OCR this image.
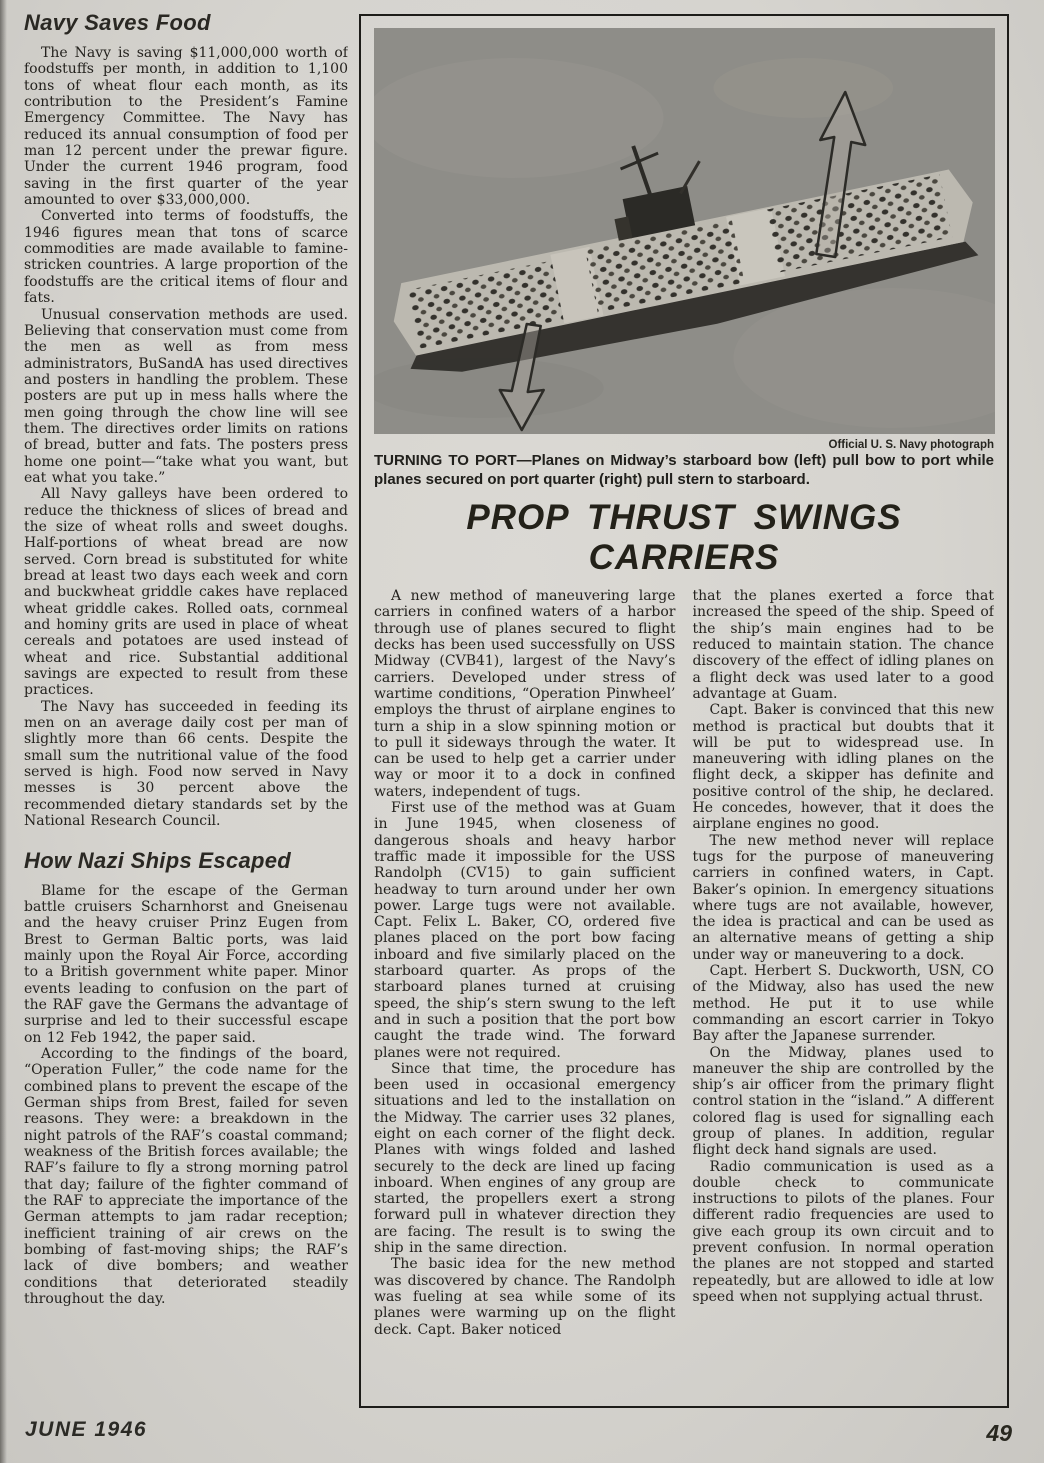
Navy Saves Food

The Navy is saving $11,000,000 worth of foodstuffs per month, in addition to 1,100 tons of wheat flour each month, as its contribution to the President’s Famine Emergency Committee. The Navy has reduced its annual consumption of food per man 12 percent under the prewar figure. Under the current 1946 program, food saving in the first quarter of the year amounted to over $33,000,000.

Converted into terms of foodstuffs, the 1946 figures mean that tons of scarce commodities are made available to famine-stricken countries. A large proportion of the foodstuffs are the critical items of flour and fats.

Unusual conservation methods are used. Believing that conservation must come from the men as well as from mess administrators, BuSandA has used directives and posters in handling the problem. These posters are put up in mess halls where the men going through the chow line will see them. The directives order limits on rations of bread, butter and fats. The posters press home one point—“take what you want, but eat what you take.”

All Navy galleys have been ordered to reduce the thickness of slices of bread and the size of wheat rolls and sweet doughs. Half-portions of wheat bread are now served. Corn bread is substituted for white bread at least two days each week and corn and buckwheat griddle cakes have replaced wheat griddle cakes. Rolled oats, cornmeal and hominy grits are used in place of wheat cereals and potatoes are used instead of wheat and rice. Substantial additional savings are expected to result from these practices.

The Navy has succeeded in feeding its men on an average daily cost per man of slightly more than 66 cents. Despite the small sum the nutritional value of the food served is high. Food now served in Navy messes is 30 percent above the recommended dietary standards set by the National Research Council.

How Nazi Ships Escaped

Blame for the escape of the German battle cruisers Scharnhorst and Gneisenau and the heavy cruiser Prinz Eugen from Brest to German Baltic ports, was laid mainly upon the Royal Air Force, according to a British government white paper. Minor events leading to confusion on the part of the RAF gave the Germans the advantage of surprise and led to their successful escape on 12 Feb 1942, the paper said.

According to the findings of the board, “Operation Fuller,” the code name for the combined plans to prevent the escape of the German ships from Brest, failed for seven reasons. They were: a breakdown in the night patrols of the RAF’s coastal command; weakness of the British forces available; the RAF’s failure to fly a strong morning patrol that day; failure of the fighter command of the RAF to appreciate the importance of the German attempts to jam radar reception; inefficient training of air crews on the bombing of fast-moving ships; the RAF’s lack of dive bombers; and weather conditions that deteriorated steadily throughout the day.

Official U. S. Navy photograph

TURNING TO PORT—Planes on Midway’s starboard bow (left) pull bow to port while planes secured on port quarter (right) pull stern to starboard.

PROP THRUST SWINGS CARRIERS

A new method of maneuvering large carriers in confined waters of a harbor through use of planes secured to flight decks has been used successfully on USS Midway (CVB41), largest of the Navy’s carriers. Developed under stress of wartime conditions, “Operation Pinwheel’ employs the thrust of airplane engines to turn a ship in a slow spinning motion or to pull it sideways through the water. It can be used to help get a carrier under way or moor it to a dock in confined waters, independent of tugs.

First use of the method was at Guam in June 1945, when closeness of dangerous shoals and heavy harbor traffic made it impossible for the USS Randolph (CV15) to gain sufficient headway to turn around under her own power. Large tugs were not available. Capt. Felix L. Baker, CO, ordered five planes placed on the port bow facing inboard and five similarly placed on the starboard quarter. As props of the starboard planes turned at cruising speed, the ship’s stern swung to the left and in such a position that the port bow caught the trade wind. The forward planes were not required.

Since that time, the procedure has been used in occasional emergency situations and led to the installation on the Midway. The carrier uses 32 planes, eight on each corner of the flight deck. Planes with wings folded and lashed securely to the deck are lined up facing inboard. When engines of any group are started, the propellers exert a strong forward pull in whatever direction they are facing. The result is to swing the ship in the same direction.

The basic idea for the new method was discovered by chance. The Randolph was fueling at sea while some of its planes were warming up on the flight deck. Capt. Baker noticed

that the planes exerted a force that increased the speed of the ship. Speed of the ship’s main engines had to be reduced to maintain station. The chance discovery of the effect of idling planes on a flight deck was used later to a good advantage at Guam.

Capt. Baker is convinced that this new method is practical but doubts that it will be put to widespread use. In maneuvering with idling planes on the flight deck, a skipper has definite and positive control of the ship, he declared. He concedes, however, that it does the airplane engines no good.

The new method never will replace tugs for the purpose of maneuvering carriers in confined waters, in Capt. Baker’s opinion. In emergency situations where tugs are not available, however, the idea is practical and can be used as an alternative means of getting a ship under way or maneuvering to a dock.

Capt. Herbert S. Duckworth, USN, CO of the Midway, also has used the new method. He put it to use while commanding an escort carrier in Tokyo Bay after the Japanese surrender.

On the Midway, planes used to maneuver the ship are controlled by the ship’s air officer from the primary flight control station in the “island.” A different colored flag is used for signalling each group of planes. In addition, regular flight deck hand signals are used.

Radio communication is used as a double check to communicate instructions to pilots of the planes. Four different radio frequencies are used to give each group its own circuit and to prevent confusion. In normal operation the planes are not stopped and started repeatedly, but are allowed to idle at low speed when not supplying actual thrust.

JUNE 1946	49
